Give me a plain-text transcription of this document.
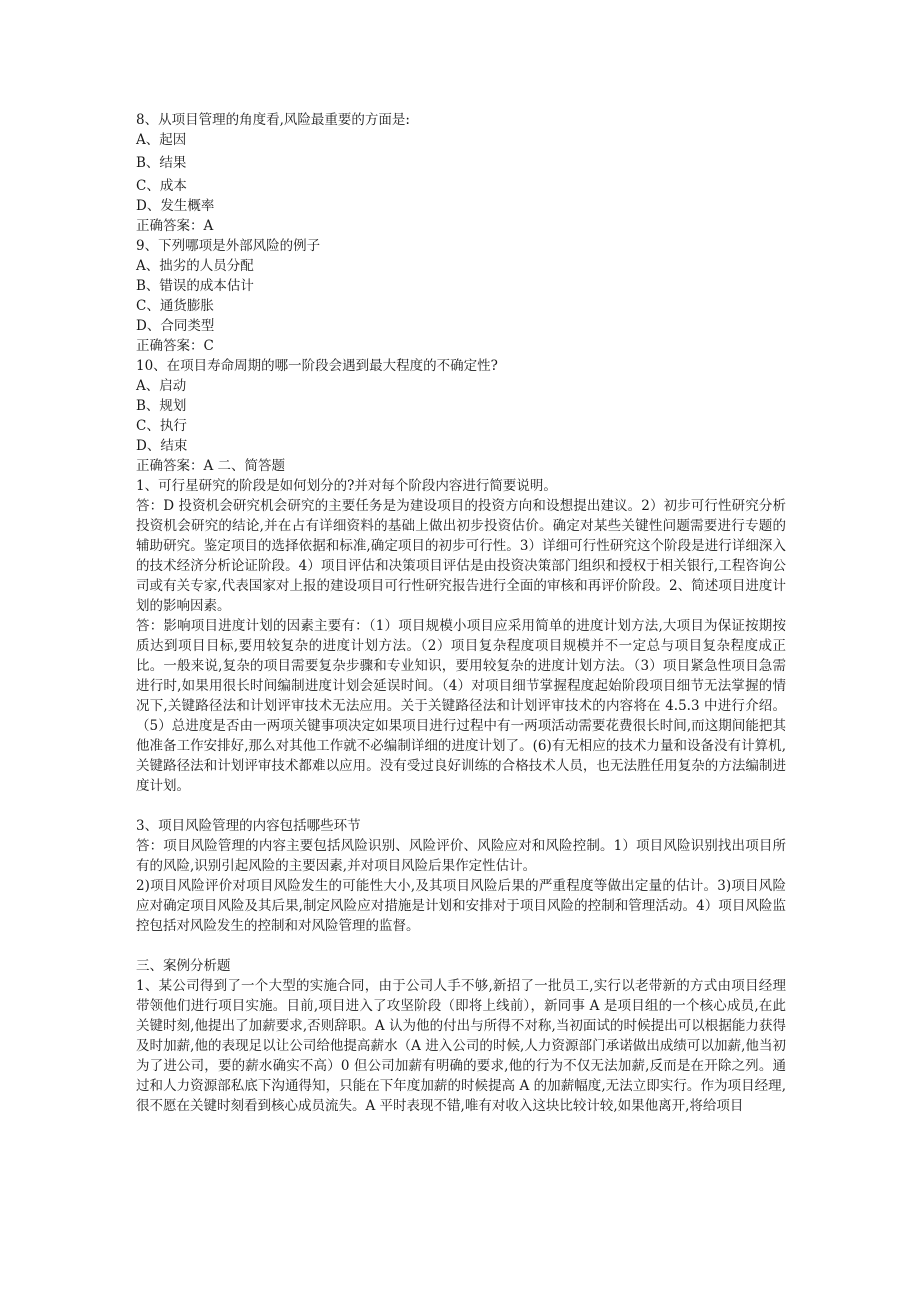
8、从项目管理的角度看,风险最重要的方面是:

A、起因

B、结果

C、成本

D、发生概率

正确答案：A

9、下列哪项是外部风险的例子

A、拙劣的人员分配

B、错误的成本估计

C、通货膨胀

D、合同类型

正确答案：C

10、在项目寿命周期的哪一阶段会遇到最大程度的不确定性?

A、启动

B、规划

C、执行

D、结束

正确答案：A 二、简答题

1、可行星研究的阶段是如何划分的?并对每个阶段内容进行简要说明。

答：D 投资机会研究机会研究的主要任务是为建设项目的投资方向和设想提出建议。2）初步可行性研究分析投资机会研究的结论,并在占有详细资料的基础上做出初步投资估价。确定对某些关键性问题需要进行专题的辅助研究。鉴定项目的选择依据和标准,确定项目的初步可行性。3）详细可行性研究这个阶段是进行详细深入的技术经济分析论证阶段。4）项目评估和决策项目评估是由投资决策部门组织和授权于相关银行,工程咨询公司或有关专家,代表国家对上报的建设项目可行性研究报告进行全面的审核和再评价阶段。2、简述项目进度计划的影响因素。

答：影响项目进度计划的因素主要有：（1）项目规模小项目应采用简单的进度计划方法,大项目为保证按期按质达到项目目标,要用较复杂的进度计划方法。（2）项目复杂程度项目规模并不一定总与项目复杂程度成正比。一般来说,复杂的项目需要复杂步骤和专业知识，要用较复杂的进度计划方法。（3）项目紧急性项目急需进行时,如果用很长时间编制进度计划会延误时间。（4）对项目细节掌握程度起始阶段项目细节无法掌握的情况下,关键路径法和计划评审技术无法应用。关于关键路径法和计划评审技术的内容将在 4.5.3 中进行介绍。（5）总进度是否由一两项关键事项决定如果项目进行过程中有一两项活动需要花费很长时间,而这期间能把其他准备工作安排好,那么对其他工作就不必编制详细的进度计划了。(6)有无相应的技术力量和设备没有计算机,关键路径法和计划评审技术都难以应用。没有受过良好训练的合格技术人员，也无法胜任用复杂的方法编制进度计划。

3、项目风险管理的内容包括哪些环节

答：项目风险管理的内容主要包括风险识别、风险评价、风险应对和风险控制。1）项目风险识别找出项目所有的风险,识别引起风险的主要因素,并对项目风险后果作定性估计。

2)项目风险评价对项目风险发生的可能性大小,及其项目风险后果的严重程度等做出定量的估计。3)项目风险应对确定项目风险及其后果,制定风险应对措施是计划和安排对于项目风险的控制和管理活动。4）项目风险监控包括对风险发生的控制和对风险管理的监督。

三、案例分析题

1、某公司得到了一个大型的实施合同，由于公司人手不够,新招了一批员工,实行以老带新的方式由项目经理带领他们进行项目实施。目前,项目进入了攻坚阶段（即将上线前），新同事 A 是项目组的一个核心成员,在此关键时刻,他提出了加薪要求,否则辞职。A 认为他的付出与所得不对称,当初面试的时候提出可以根据能力获得及时加薪,他的表现足以让公司给他提高薪水（A 进入公司的时候,人力资源部门承诺做出成绩可以加薪,他当初为了进公司，要的薪水确实不高）0 但公司加薪有明确的要求,他的行为不仅无法加薪,反而是在开除之列。通过和人力资源部私底下沟通得知，只能在下年度加薪的时候提高 A 的加薪幅度,无法立即实行。作为项目经理,很不愿在关键时刻看到核心成员流失。A 平时表现不错,唯有对收入这块比较计较,如果他离开,将给项目
